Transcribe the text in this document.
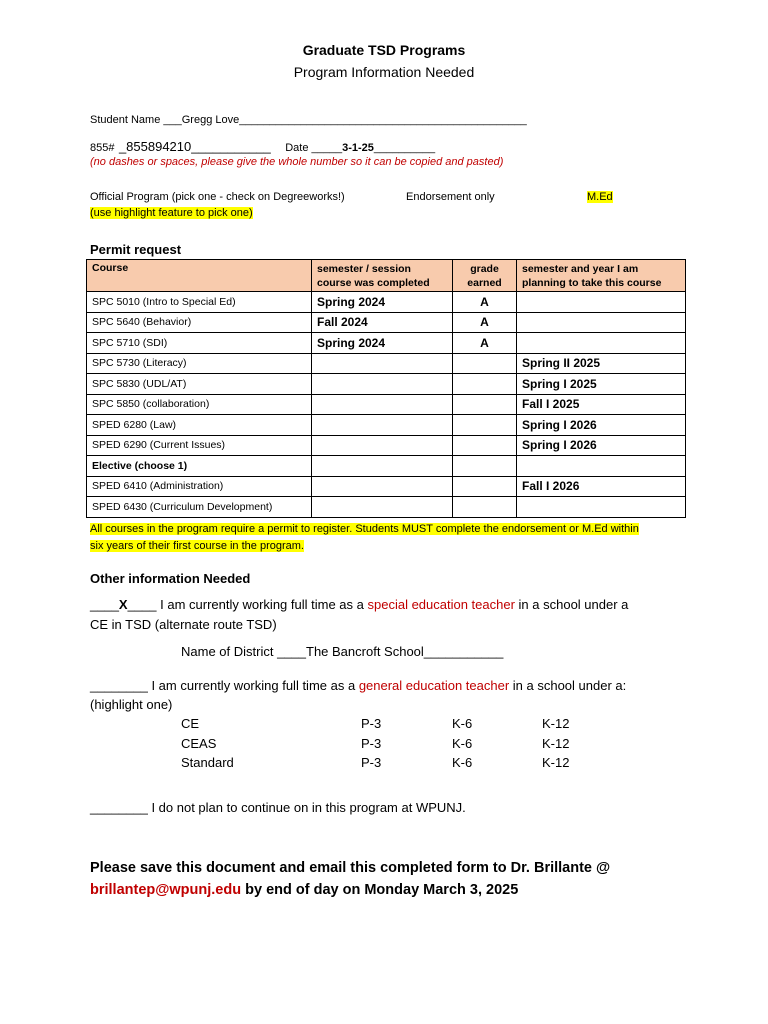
Graduate TSD Programs
Program Information Needed
Student Name ___Gregg Love_______________________________________________
855# _855894210___________ Date _____3-1-25__________
(no dashes or spaces, please give the whole number so it can be copied and pasted)
Official Program (pick one - check on Degreeworks!)	Endorsement only	M.Ed
(use highlight feature to pick one)
Permit request
Course	semester / session course was completed	grade earned	semester and year I am planning to take this course
SPC 5010 (Intro to Special Ed)	Spring 2024	A	
SPC 5640 (Behavior)	Fall 2024	A	
SPC 5710 (SDI)	Spring 2024	A	
SPC 5730 (Literacy)			Spring II 2025
SPC 5830 (UDL/AT)			Spring I 2025
SPC 5850 (collaboration)			Fall I 2025
SPED 6280 (Law)			Spring I 2026
SPED 6290 (Current Issues)			Spring I 2026
Elective (choose 1)			
SPED 6410 (Administration)			Fall I 2026
SPED 6430 (Curriculum Development)			
All courses in the program require a permit to register. Students MUST complete the endorsement or M.Ed within
six years of their first course in the program.
Other information Needed
____X____ I am currently working full time as a special education teacher in a school under a
CE in TSD (alternate route TSD)
Name of District ____The Bancroft School___________
________ I am currently working full time as a general education teacher in a school under a:
(highlight one)
CE	P-3	K-6	K-12
CEAS	P-3	K-6	K-12
Standard	P-3	K-6	K-12
________ I do not plan to continue on in this program at WPUNJ.
Please save this document and email this completed form to Dr. Brillante @
brillantep@wpunj.edu by end of day on Monday March 3, 2025
